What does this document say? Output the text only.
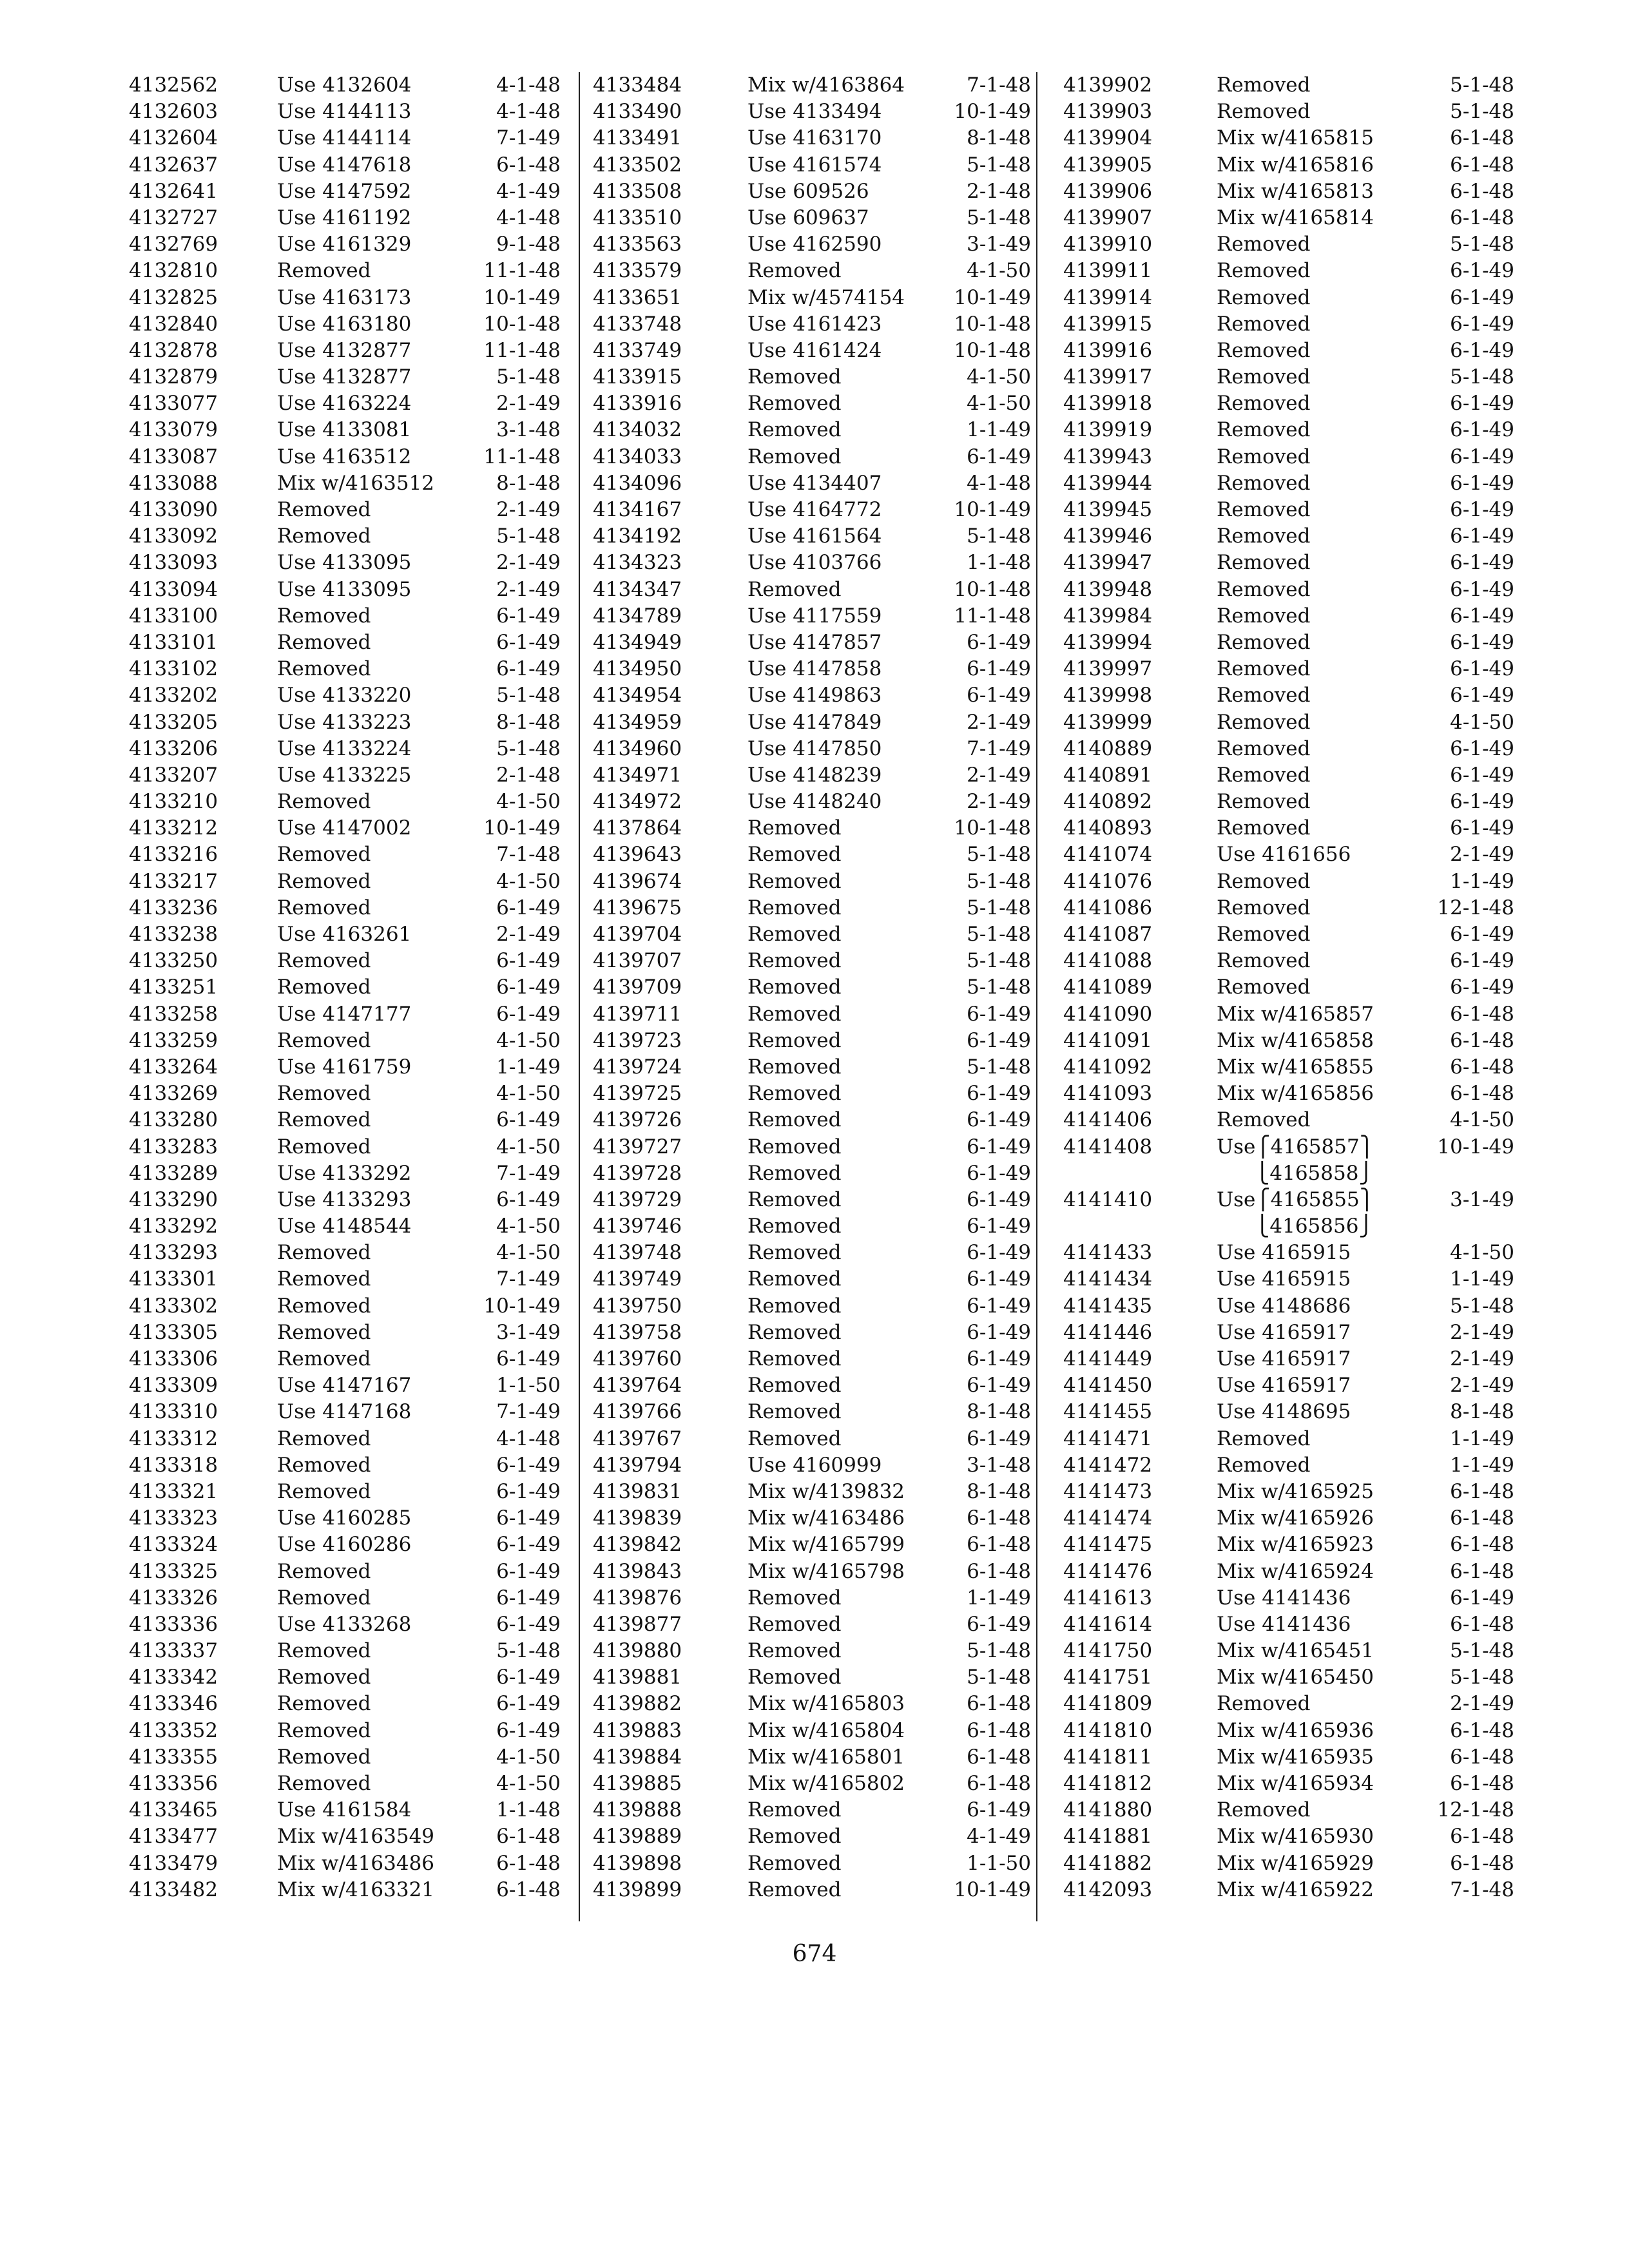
4132562	Use 4132604	4-1-48
4132603	Use 4144113	4-1-48
4132604	Use 4144114	7-1-49
4132637	Use 4147618	6-1-48
4132641	Use 4147592	4-1-49
4132727	Use 4161192	4-1-48
4132769	Use 4161329	9-1-48
4132810	Removed	11-1-48
4132825	Use 4163173	10-1-49
4132840	Use 4163180	10-1-48
4132878	Use 4132877	11-1-48
4132879	Use 4132877	5-1-48
4133077	Use 4163224	2-1-49
4133079	Use 4133081	3-1-48
4133087	Use 4163512	11-1-48
4133088	Mix w/4163512	8-1-48
4133090	Removed	2-1-49
4133092	Removed	5-1-48
4133093	Use 4133095	2-1-49
4133094	Use 4133095	2-1-49
4133100	Removed	6-1-49
4133101	Removed	6-1-49
4133102	Removed	6-1-49
4133202	Use 4133220	5-1-48
4133205	Use 4133223	8-1-48
4133206	Use 4133224	5-1-48
4133207	Use 4133225	2-1-48
4133210	Removed	4-1-50
4133212	Use 4147002	10-1-49
4133216	Removed	7-1-48
4133217	Removed	4-1-50
4133236	Removed	6-1-49
4133238	Use 4163261	2-1-49
4133250	Removed	6-1-49
4133251	Removed	6-1-49
4133258	Use 4147177	6-1-49
4133259	Removed	4-1-50
4133264	Use 4161759	1-1-49
4133269	Removed	4-1-50
4133280	Removed	6-1-49
4133283	Removed	4-1-50
4133289	Use 4133292	7-1-49
4133290	Use 4133293	6-1-49
4133292	Use 4148544	4-1-50
4133293	Removed	4-1-50
4133301	Removed	7-1-49
4133302	Removed	10-1-49
4133305	Removed	3-1-49
4133306	Removed	6-1-49
4133309	Use 4147167	1-1-50
4133310	Use 4147168	7-1-49
4133312	Removed	4-1-48
4133318	Removed	6-1-49
4133321	Removed	6-1-49
4133323	Use 4160285	6-1-49
4133324	Use 4160286	6-1-49
4133325	Removed	6-1-49
4133326	Removed	6-1-49
4133336	Use 4133268	6-1-49
4133337	Removed	5-1-48
4133342	Removed	6-1-49
4133346	Removed	6-1-49
4133352	Removed	6-1-49
4133355	Removed	4-1-50
4133356	Removed	4-1-50
4133465	Use 4161584	1-1-48
4133477	Mix w/4163549	6-1-48
4133479	Mix w/4163486	6-1-48
4133482	Mix w/4163321	6-1-48
4133484	Mix w/4163864	7-1-48
4133490	Use 4133494	10-1-49
4133491	Use 4163170	8-1-48
4133502	Use 4161574	5-1-48
4133508	Use 609526	2-1-48
4133510	Use 609637	5-1-48
4133563	Use 4162590	3-1-49
4133579	Removed	4-1-50
4133651	Mix w/4574154 10-1-49
4133748	Use 4161423	10-1-48
4133749	Use 4161424	10-1-48
4133915	Removed	4-1-50
4133916	Removed	4-1-50
4134032	Removed	1-1-49
4134033	Removed	6-1-49
4134096	Use 4134407	4-1-48
4134167	Use 4164772	10-1-49
4134192	Use 4161564	5-1-48
4134323	Use 4103766	1-1-48
4134347	Removed	10-1-48
4134789	Use 4117559	11-1-48
4134949	Use 4147857	6-1-49
4134950	Use 4147858	6-1-49
4134954	Use 4149863	6-1-49
4134959	Use 4147849	2-1-49
4134960	Use 4147850	7-1-49
4134971	Use 4148239	2-1-49
4134972	Use 4148240	2-1-49
4137864	Removed	10-1-48
4139643	Removed	5-1-48
4139674	Removed	5-1-48
4139675	Removed	5-1-48
4139704	Removed	5-1-48
4139707	Removed	5-1-48
4139709	Removed	5-1-48
4139711	Removed	6-1-49
4139723	Removed	6-1-49
4139724	Removed	5-1-48
4139725	Removed	6-1-49
4139726	Removed	6-1-49
4139727	Removed	6-1-49
4139728	Removed	6-1-49
4139729	Removed	6-1-49
4139746	Removed	6-1-49
4139748	Removed	6-1-49
4139749	Removed	6-1-49
4139750	Removed	6-1-49
4139758	Removed	6-1-49
4139760	Removed	6-1-49
4139764	Removed	6-1-49
4139766	Removed	8-1-48
4139767	Removed	6-1-49
4139794	Use 4160999	3-1-48
4139831	Mix w/4139832	8-1-48
4139839	Mix w/4163486	6-1-48
4139842	Mix w/4165799	6-1-48
4139843	Mix w/4165798	6-1-48
4139876	Removed	1-1-49
4139877	Removed	6-1-49
4139880	Removed	5-1-48
4139881	Removed	5-1-48
4139882	Mix w/4165803	6-1-48
4139883	Mix w/4165804	6-1-48
4139884	Mix w/4165801	6-1-48
4139885	Mix w/4165802	6-1-48
4139888	Removed	6-1-49
4139889	Removed	4-1-49
4139898	Removed	1-1-50
4139899	Removed	10-1-49
4139902	Removed	5-1-48
4139903	Removed	5-1-48
4139904	Mix w/4165815	6-1-48
4139905	Mix w/4165816	6-1-48
4139906	Mix w/4165813	6-1-48
4139907	Mix w/4165814	6-1-48
4139910	Removed	5-1-48
4139911	Removed	6-1-49
4139914	Removed	6-1-49
4139915	Removed	6-1-49
4139916	Removed	6-1-49
4139917	Removed	5-1-48
4139918	Removed	6-1-49
4139919	Removed	6-1-49
4139943	Removed	6-1-49
4139944	Removed	6-1-49
4139945	Removed	6-1-49
4139946	Removed	6-1-49
4139947	Removed	6-1-49
4139948	Removed	6-1-49
4139984	Removed	6-1-49
4139994	Removed	6-1-49
4139997	Removed	6-1-49
4139998	Removed	6-1-49
4139999	Removed	4-1-50
4140889	Removed	6-1-49
4140891	Removed	6-1-49
4140892	Removed	6-1-49
4140893	Removed	6-1-49
4141074	Use 4161656	2-1-49
4141076	Removed	1-1-49
4141086	Removed	12-1-48
4141087	Removed	6-1-49
4141088	Removed	6-1-49
4141089	Removed	6-1-49
4141090	Mix w/4165857	6-1-48
4141091	Mix w/4165858	6-1-48
4141092	Mix w/4165855	6-1-48
4141093	Mix w/4165856	6-1-48
4141406	Removed	4-1-50
4141408	Use⎧4165857⎫	10-1-49
⎩4165858⎭
4141410	Use⎧4165855⎫	3-1-49
⎩4165856⎭
4141433	Use 4165915	4-1-50
4141434	Use 4165915	1-1-49
4141435	Use 4148686	5-1-48
4141446	Use 4165917	2-1-49
4141449	Use 4165917	2-1-49
4141450	Use 4165917	2-1-49
4141455	Use 4148695	8-1-48
4141471	Removed	1-1-49
4141472	Removed	1-1-49
4141473	Mix w/4165925	6-1-48
4141474	Mix w/4165926	6-1-48
4141475	Mix w/4165923	6-1-48
4141476	Mix w/4165924	6-1-48
4141613	Use 4141436	6-1-49
4141614	Use 4141436	6-1-48
4141750	Mix w/4165451	5-1-48
4141751	Mix w/4165450	5-1-48
4141809	Removed	2-1-49
4141810	Mix w/4165936	6-1-48
4141811	Mix w/4165935	6-1-48
4141812	Mix w/4165934	6-1-48
4141880	Removed	12-1-48
4141881	Mix w/4165930	6-1-48
4141882	Mix w/4165929	6-1-48
4142093	Mix w/4165922	7-1-48
674
